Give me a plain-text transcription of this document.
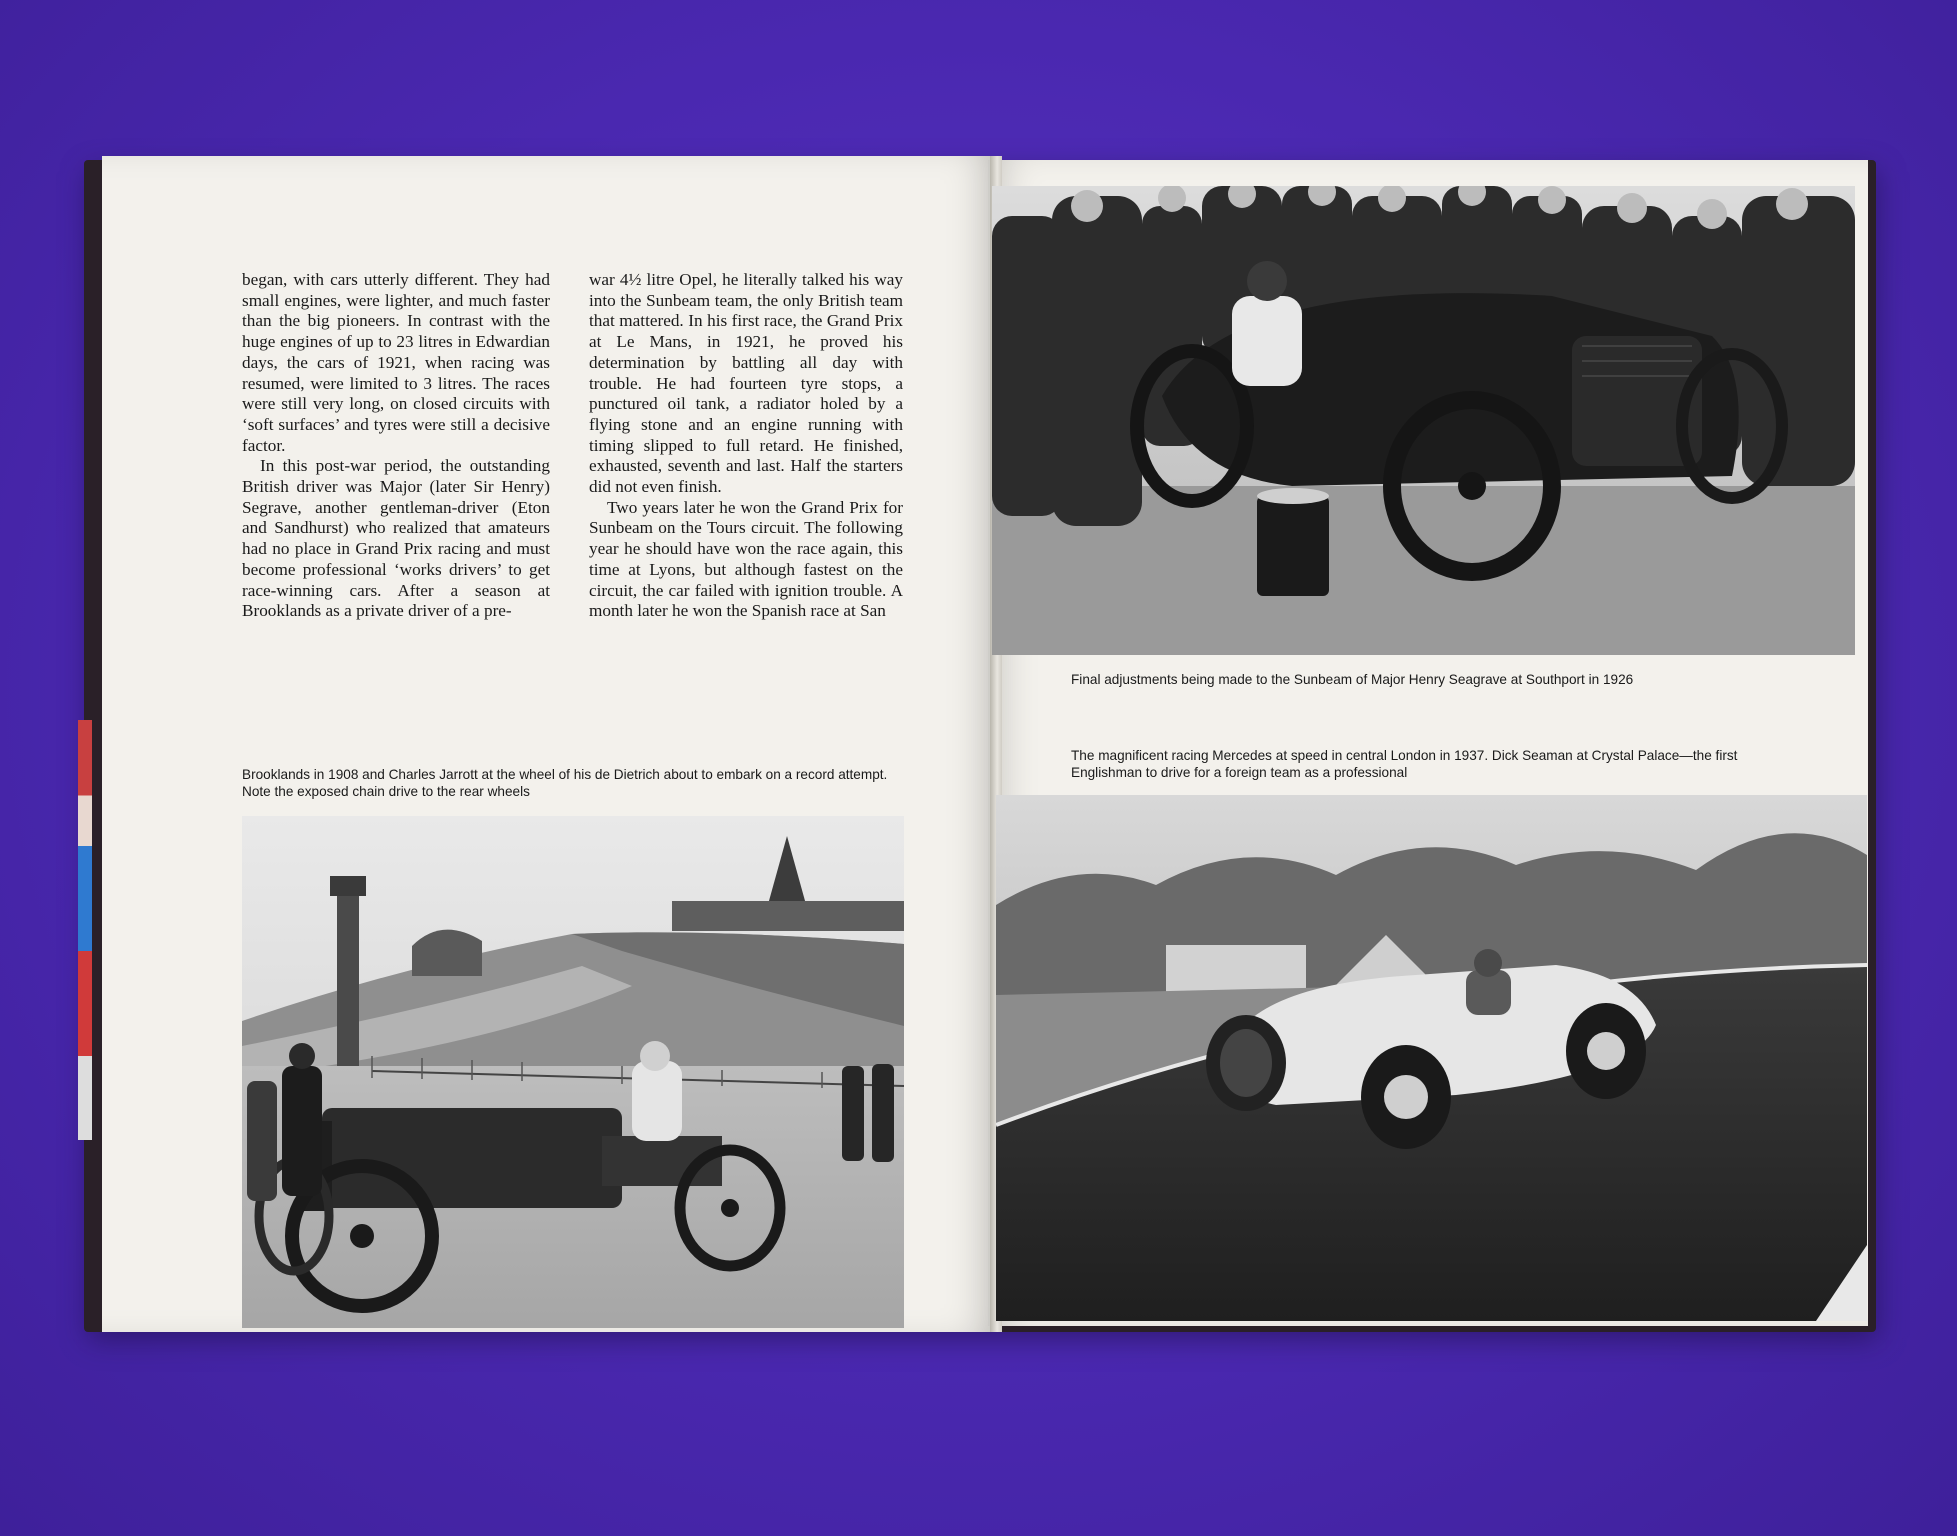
began, with cars utterly different. They had small engines, were lighter, and much faster than the big pioneers. In contrast with the huge engines of up to 23 litres in Edwardian days, the cars of 1921, when racing was resumed, were limited to 3 litres. The races were still very long, on closed circuits with ‘soft surfaces’ and tyres were still a decisive factor.

In this post-war period, the outstanding British driver was Major (later Sir Henry) Segrave, another gentleman-driver (Eton and Sandhurst) who realized that amateurs had no place in Grand Prix racing and must become professional ‘works drivers’ to get race-winning cars. After a season at Brooklands as a private driver of a pre-

war 4½ litre Opel, he literally talked his way into the Sunbeam team, the only British team that mattered. In his first race, the Grand Prix at Le Mans, in 1921, he proved his determination by battling all day with trouble. He had fourteen tyre stops, a punctured oil tank, a radiator holed by a flying stone and an engine running with timing slipped to full retard. He finished, exhausted, seventh and last. Half the starters did not even finish.

Two years later he won the Grand Prix for Sunbeam on the Tours circuit. The following year he should have won the race again, this time at Lyons, but although fastest on the circuit, the car failed with ignition trouble. A month later he won the Spanish race at San

Brooklands in 1908 and Charles Jarrott at the wheel of his de Dietrich about to embark on a record attempt. Note the exposed chain drive to the rear wheels
Final adjustments being made to the Sunbeam of Major Henry Seagrave at Southport in 1926
The magnificent racing Mercedes at speed in central London in 1937. Dick Seaman at Crystal Palace—the first Englishman to drive for a foreign team as a professional
